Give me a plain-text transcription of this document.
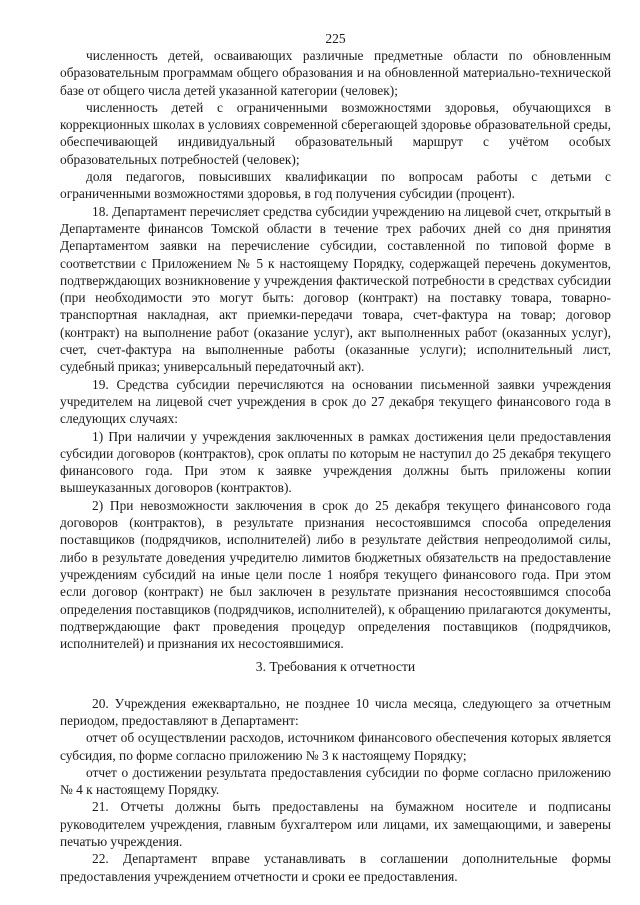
225

численность детей, осваивающих различные предметные области по обновленным образовательным программам общего образования и на обновленной материально-технической базе от общего числа детей указанной категории (человек);

численность детей с ограниченными возможностями здоровья, обучающихся в коррекционных школах в условиях современной сберегающей здоровье образовательной среды, обеспечивающей индивидуальный образовательный маршрут с учётом особых образовательных потребностей (человек);

доля педагогов, повысивших квалификации по вопросам работы с детьми с ограниченными возможностями здоровья, в год получения субсидии (процент).

18. Департамент перечисляет средства субсидии учреждению на лицевой счет, открытый в Департаменте финансов Томской области в течение трех рабочих дней со дня принятия Департаментом заявки на перечисление субсидии, составленной по типовой форме в соответствии с Приложением № 5 к настоящему Порядку, содержащей перечень документов, подтверждающих возникновение у учреждения фактической потребности в средствах субсидии (при необходимости это могут быть: договор (контракт) на поставку товара, товарно-транспортная накладная, акт приемки-передачи товара, счет-фактура на товар; договор (контракт) на выполнение работ (оказание услуг), акт выполненных работ (оказанных услуг), счет, счет-фактура на выполненные работы (оказанные услуги); исполнительный лист, судебный приказ; универсальный передаточный акт).

19. Средства субсидии перечисляются на основании письменной заявки учреждения учредителем на лицевой счет учреждения в срок до 27 декабря текущего финансового года в следующих случаях:

1) При наличии у учреждения заключенных в рамках достижения цели предоставления субсидии договоров (контрактов), срок оплаты по которым не наступил до 25 декабря текущего финансового года. При этом к заявке учреждения должны быть приложены копии вышеуказанных договоров (контрактов).

2) При невозможности заключения в срок до 25 декабря текущего финансового года договоров (контрактов), в результате признания несостоявшимся способа определения поставщиков (подрядчиков, исполнителей) либо в результате действия непреодолимой силы, либо в результате доведения учредителю лимитов бюджетных обязательств на предоставление учреждениям субсидий на иные цели после 1 ноября текущего финансового года. При этом если договор (контракт) не был заключен в результате признания несостоявшимся способа определения поставщиков (подрядчиков, исполнителей), к обращению прилагаются документы, подтверждающие факт проведения процедур определения поставщиков (подрядчиков, исполнителей) и признания их несостоявшимися.

3. Требования к отчетности

20. Учреждения ежеквартально, не позднее 10 числа месяца, следующего за отчетным периодом, предоставляют в Департамент:

отчет об осуществлении расходов, источником финансового обеспечения которых является субсидия, по форме согласно приложению № 3 к настоящему Порядку;

отчет о достижении результата предоставления субсидии по форме согласно приложению № 4 к настоящему Порядку.

21. Отчеты должны быть предоставлены на бумажном носителе и подписаны руководителем учреждения, главным бухгалтером или лицами, их замещающими, и заверены печатью учреждения.

22. Департамент вправе устанавливать в соглашении дополнительные формы предоставления учреждением отчетности и сроки ее предоставления.
